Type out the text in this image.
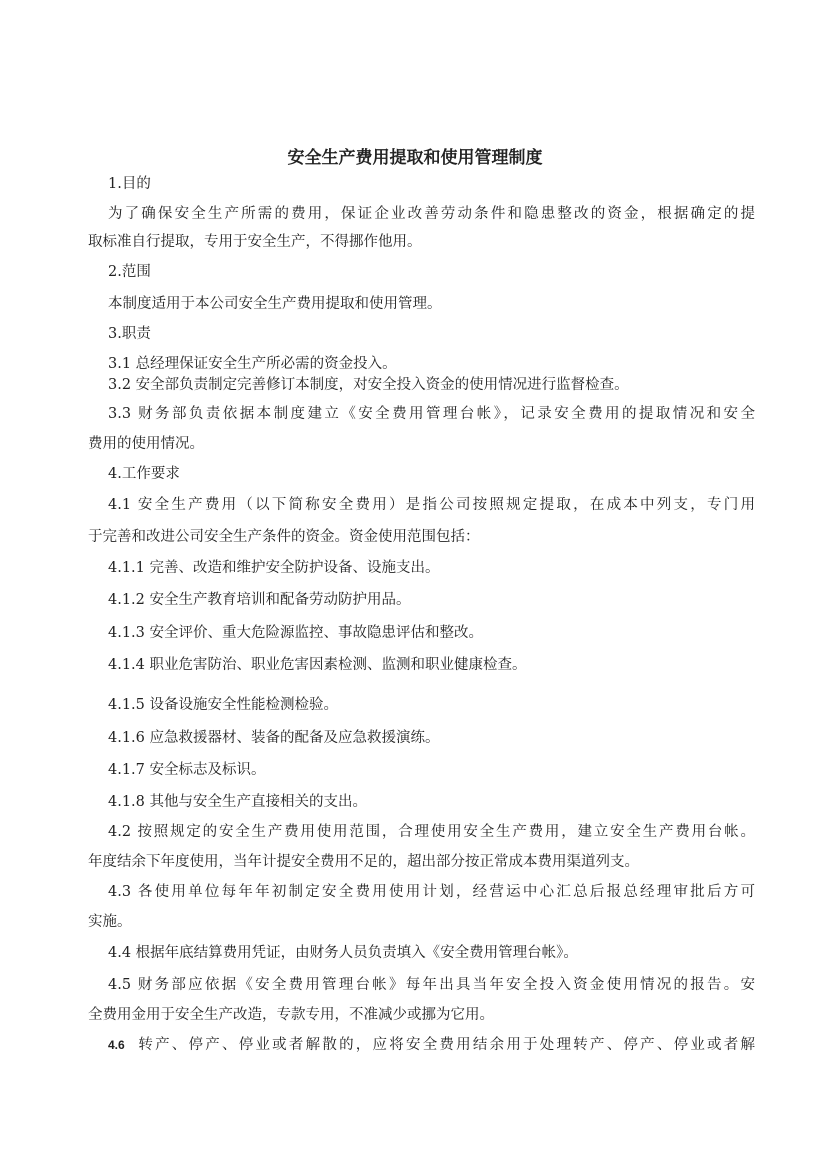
安全生产费用提取和使用管理制度
1.目的
为了确保安全生产所需的费用，保证企业改善劳动条件和隐患整改的资金，根据确定的提
取标准自行提取，专用于安全生产，不得挪作他用。
2.范围
本制度适用于本公司安全生产费用提取和使用管理。
3.职责
3.1 总经理保证安全生产所必需的资金投入。
3.2 安全部负责制定完善修订本制度，对安全投入资金的使用情况进行监督检查。
3.3 财务部负责依据本制度建立《安全费用管理台帐》，记录安全费用的提取情况和安全
费用的使用情况。
4.工作要求
4.1 安全生产费用（以下简称安全费用）是指公司按照规定提取，在成本中列支，专门用
于完善和改进公司安全生产条件的资金。资金使用范围包括：
4.1.1 完善、改造和维护安全防护设备、设施支出。
4.1.2 安全生产教育培训和配备劳动防护用品。
4.1.3 安全评价、重大危险源监控、事故隐患评估和整改。
4.1.4 职业危害防治、职业危害因素检测、监测和职业健康检查。
4.1.5 设备设施安全性能检测检验。
4.1.6 应急救援器材、装备的配备及应急救援演练。
4.1.7 安全标志及标识。
4.1.8 其他与安全生产直接相关的支出。
4.2 按照规定的安全生产费用使用范围，合理使用安全生产费用，建立安全生产费用台帐。
年度结余下年度使用，当年计提安全费用不足的，超出部分按正常成本费用渠道列支。
4.3 各使用单位每年年初制定安全费用使用计划，经营运中心汇总后报总经理审批后方可
实施。
4.4 根据年底结算费用凭证，由财务人员负责填入《安全费用管理台帐》。
4.5 财务部应依据《安全费用管理台帐》每年出具当年安全投入资金使用情况的报告。安
全费用金用于安全生产改造，专款专用，不准减少或挪为它用。
4.6 转产、停产、停业或者解散的，应将安全费用结余用于处理转产、停产、停业或者解
